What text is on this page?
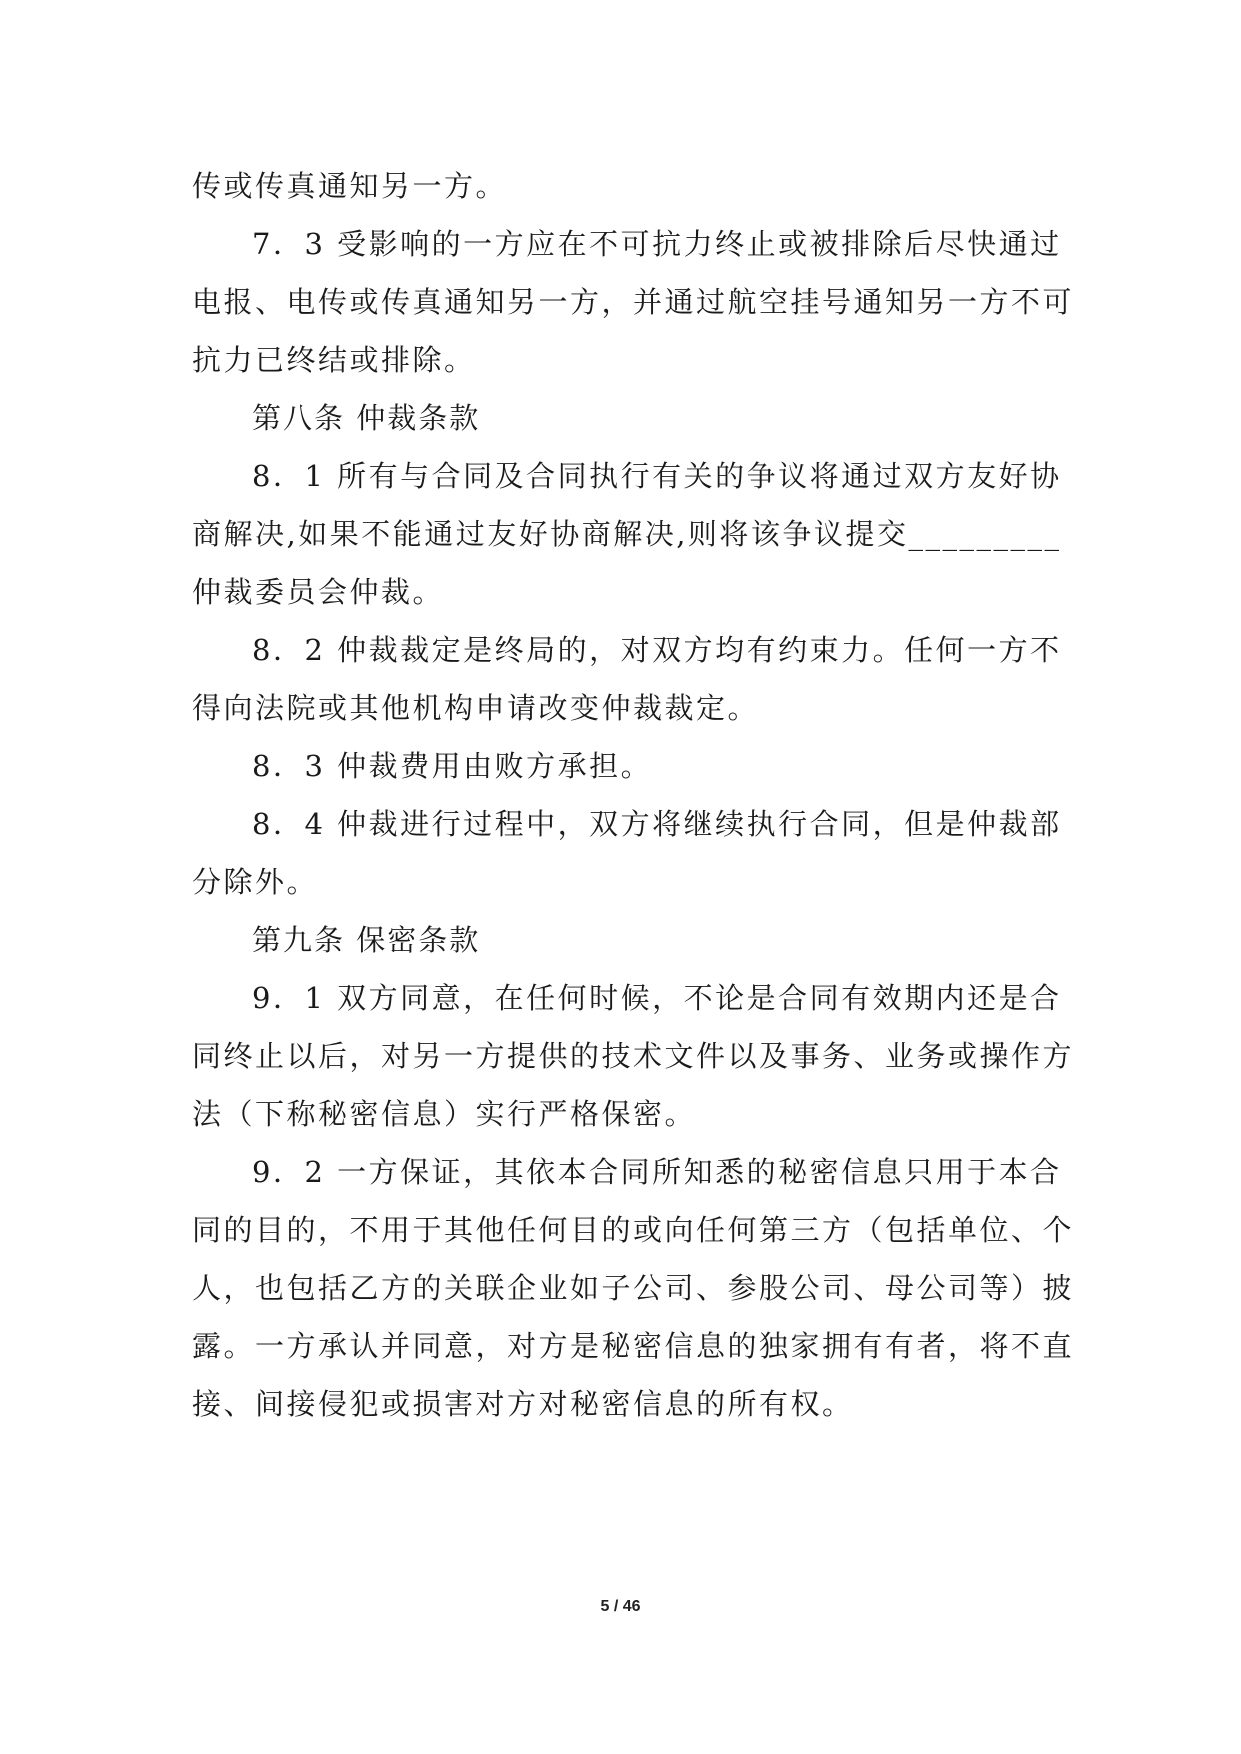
传或传真通知另一方。
7．3 受影响的一方应在不可抗力终止或被排除后尽快通过
电报、电传或传真通知另一方，并通过航空挂号通知另一方不可
抗力已终结或排除。
第八条 仲裁条款
8．1 所有与合同及合同执行有关的争议将通过双方友好协
商解决,如果不能通过友好协商解决,则将该争议提交_________
仲裁委员会仲裁。
8．2 仲裁裁定是终局的，对双方均有约束力。任何一方不
得向法院或其他机构申请改变仲裁裁定。
8．3 仲裁费用由败方承担。
8．4 仲裁进行过程中，双方将继续执行合同，但是仲裁部
分除外。
第九条 保密条款
9．1 双方同意，在任何时候，不论是合同有效期内还是合
同终止以后，对另一方提供的技术文件以及事务、业务或操作方
法（下称秘密信息）实行严格保密。
9．2 一方保证，其依本合同所知悉的秘密信息只用于本合
同的目的，不用于其他任何目的或向任何第三方（包括单位、个
人，也包括乙方的关联企业如子公司、参股公司、母公司等）披
露。一方承认并同意，对方是秘密信息的独家拥有有者，将不直
接、间接侵犯或损害对方对秘密信息的所有权。
5 / 46
